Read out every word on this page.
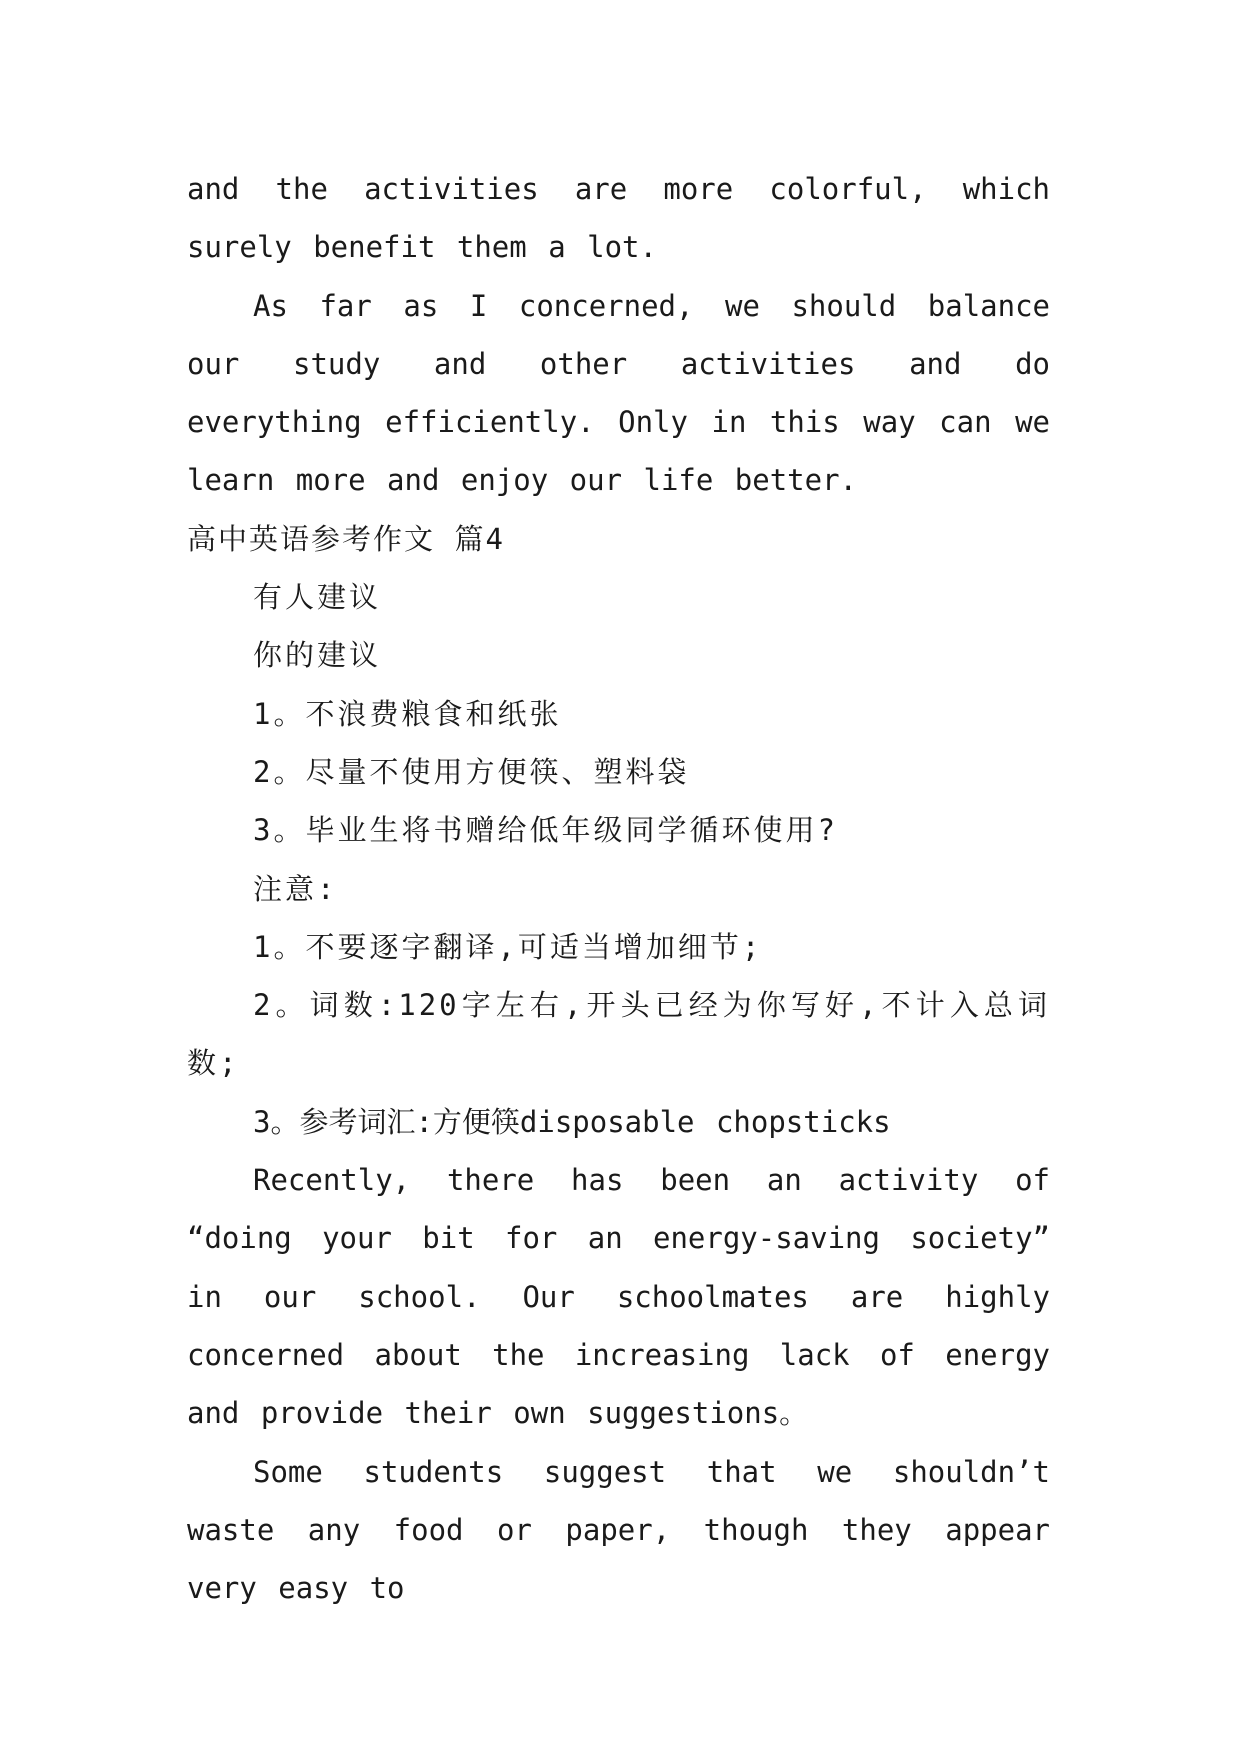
and the activities are more colorful, which surely benefit them a lot.

As far as I concerned, we should balance our study and other activities and do everything efficiently. Only in this way can we learn more and enjoy our life better.

高中英语参考作文 篇4

有人建议

你的建议

1。不浪费粮食和纸张

2。尽量不使用方便筷、塑料袋

3。毕业生将书赠给低年级同学循环使用?

注意:

1。不要逐字翻译,可适当增加细节;

2。词数:120字左右,开头已经为你写好,不计入总词数;

3。参考词汇:方便筷disposable chopsticks

Recently, there has been an activity of “doing your bit for an energy-saving society” in our school. Our schoolmates are highly concerned about the increasing lack of energy and provide their own suggestions。

Some students suggest that we shouldn’t waste any food or paper, though they appear very easy to
